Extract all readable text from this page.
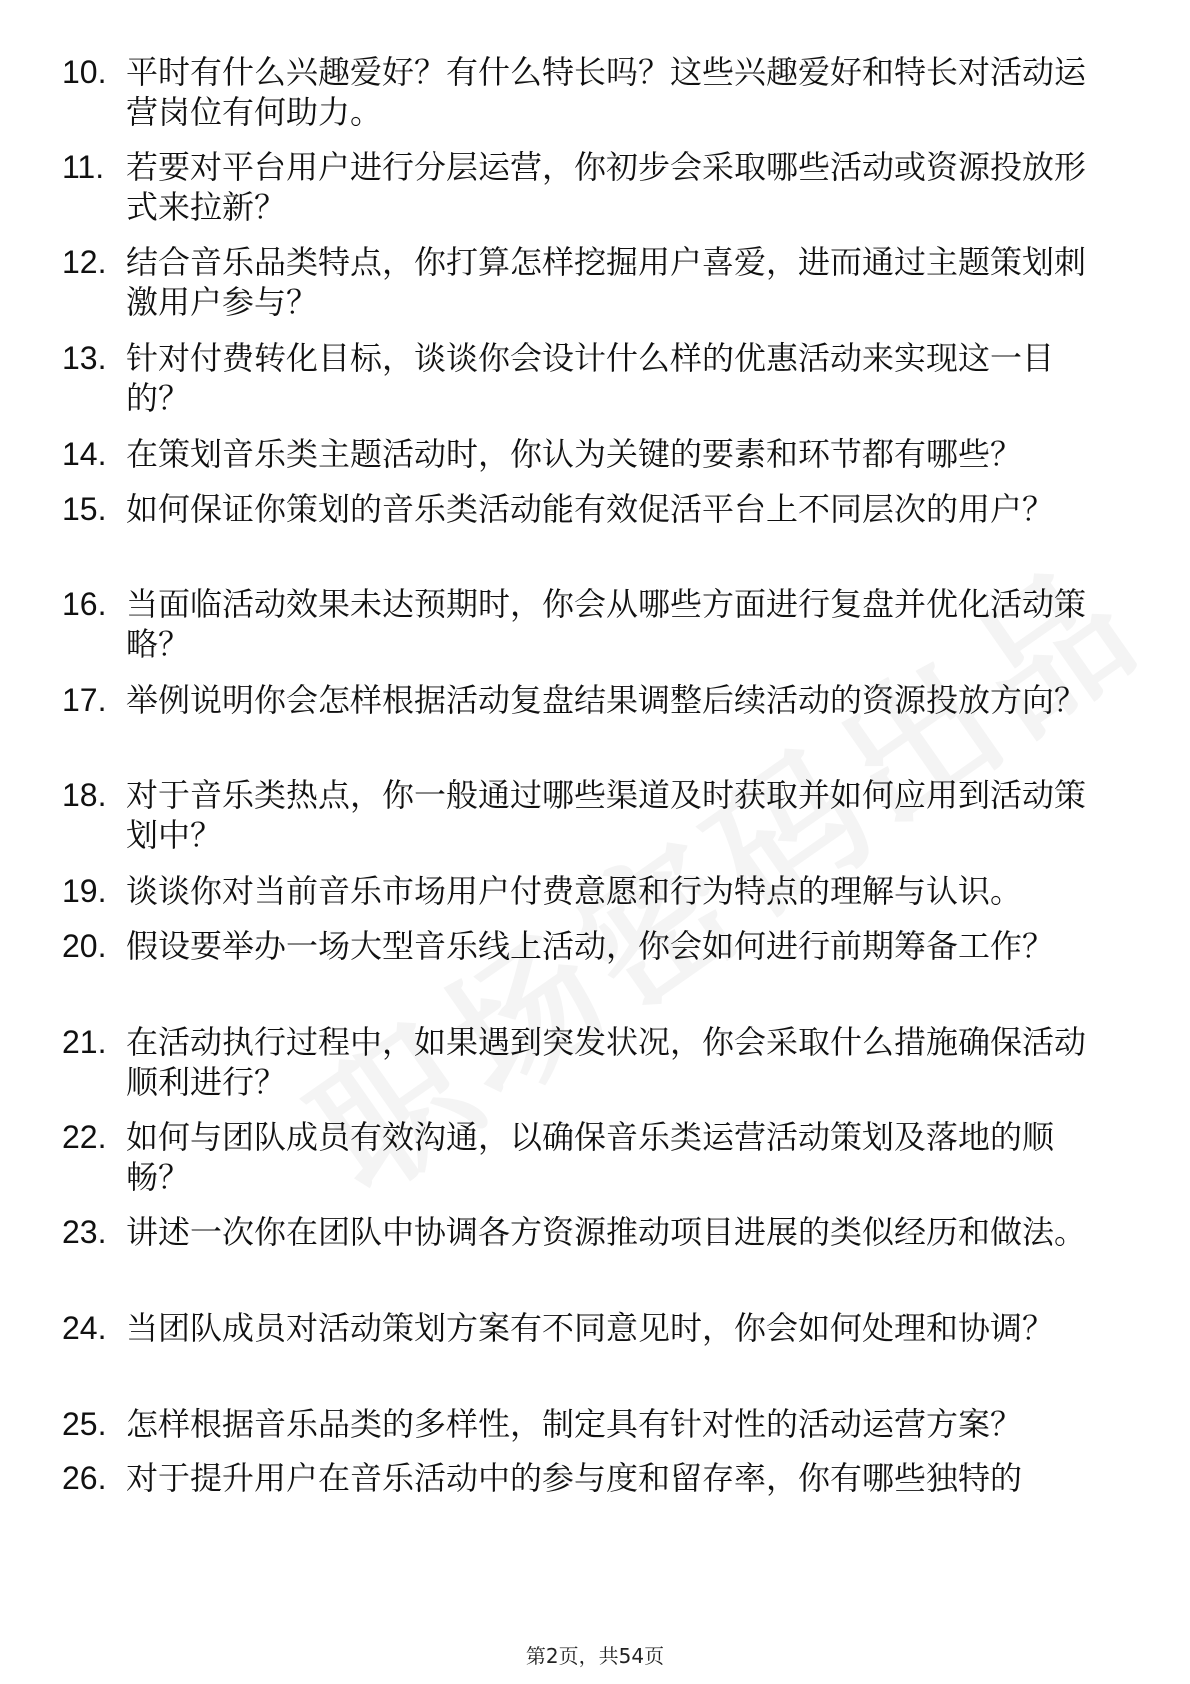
10. 平时有什么兴趣爱好？有什么特长吗？这些兴趣爱好和特长对活动运营岗位有何助力。
11. 若要对平台用户进行分层运营，你初步会采取哪些活动或资源投放形式来拉新？
12. 结合音乐品类特点，你打算怎样挖掘用户喜爱，进而通过主题策划刺激用户参与？
13. 针对付费转化目标，谈谈你会设计什么样的优惠活动来实现这一目的？
14. 在策划音乐类主题活动时，你认为关键的要素和环节都有哪些？
15. 如何保证你策划的音乐类活动能有效促活平台上不同层次的用户？
16. 当面临活动效果未达预期时，你会从哪些方面进行复盘并优化活动策略？
17. 举例说明你会怎样根据活动复盘结果调整后续活动的资源投放方向？
18. 对于音乐类热点，你一般通过哪些渠道及时获取并如何应用到活动策划中？
19. 谈谈你对当前音乐市场用户付费意愿和行为特点的理解与认识。
20. 假设要举办一场大型音乐线上活动，你会如何进行前期筹备工作？
21. 在活动执行过程中，如果遇到突发状况，你会采取什么措施确保活动顺利进行？
22. 如何与团队成员有效沟通，以确保音乐类运营活动策划及落地的顺畅？
23. 讲述一次你在团队中协调各方资源推动项目进展的类似经历和做法。
24. 当团队成员对活动策划方案有不同意见时，你会如何处理和协调？
25. 怎样根据音乐品类的多样性，制定具有针对性的活动运营方案？
26. 对于提升用户在音乐活动中的参与度和留存率，你有哪些独特的
第2页，共54页
